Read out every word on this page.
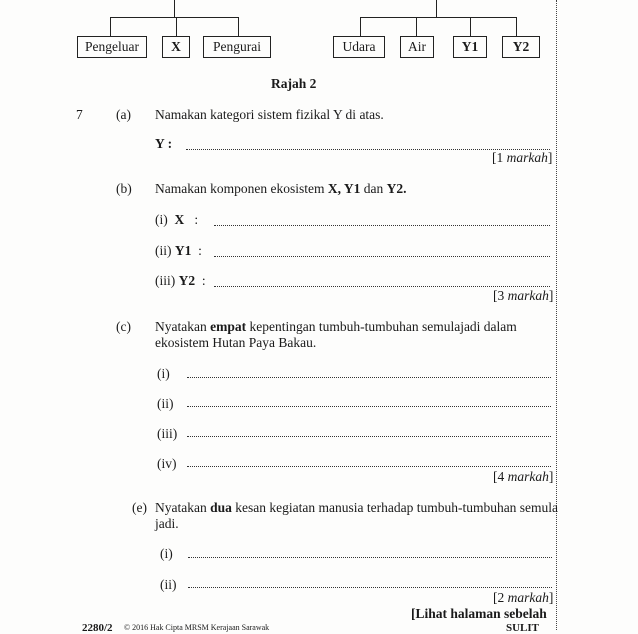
Pengeluar	X	Pengurai	Udara	Air	Y1	Y2
Rajah 2
7 (a) Namakan kategori sistem fizikal Y di atas.
Y :
[1 markah]
(b) Namakan komponen ekosistem X, Y1 dan Y2.
(i) X :
(ii) Y1 :
(iii) Y2 :
[3 markah]
(c) Nyatakan empat kepentingan tumbuh-tumbuhan semulajadi dalam
ekosistem Hutan Paya Bakau.
(i)
(ii)
(iii)
(iv)
[4 markah]
(e) Nyatakan dua kesan kegiatan manusia terhadap tumbuh-tumbuhan semula
jadi.
(i)
(ii)
[2 markah]
[Lihat halaman sebelah
2280/2 © 2016 Hak Cipta MRSM Kerajaan Sarawak	SULIT
